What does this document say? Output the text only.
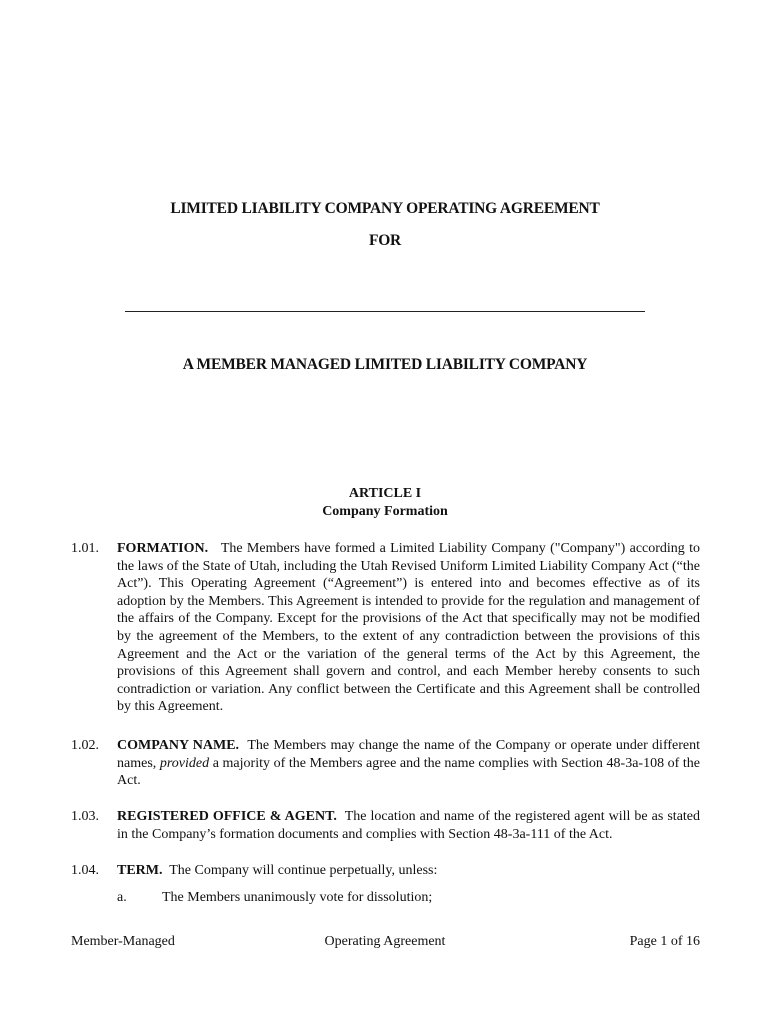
LIMITED LIABILITY COMPANY OPERATING AGREEMENT
FOR
A MEMBER MANAGED LIMITED LIABILITY COMPANY
ARTICLE I
Company Formation
1.01.	FORMATION. The Members have formed a Limited Liability Company ("Company") according to the laws of the State of Utah, including the Utah Revised Uniform Limited Liability Company Act (“the Act”). This Operating Agreement (“Agreement”) is entered into and becomes effective as of its adoption by the Members. This Agreement is intended to provide for the regulation and management of the affairs of the Company. Except for the provisions of the Act that specifically may not be modified by the agreement of the Members, to the extent of any contradiction between the provisions of this Agreement and the Act or the variation of the general terms of the Act by this Agreement, the provisions of this Agreement shall govern and control, and each Member hereby consents to such contradiction or variation. Any conflict between the Certificate and this Agreement shall be controlled by this Agreement.
1.02.	COMPANY NAME. The Members may change the name of the Company or operate under different names, provided a majority of the Members agree and the name complies with Section 48-3a-108 of the Act.
1.03.	REGISTERED OFFICE & AGENT. The location and name of the registered agent will be as stated in the Company’s formation documents and complies with Section 48-3a-111 of the Act.
1.04.	TERM. The Company will continue perpetually, unless:
a.	The Members unanimously vote for dissolution;
Member-Managed	Operating Agreement	Page 1 of 16
